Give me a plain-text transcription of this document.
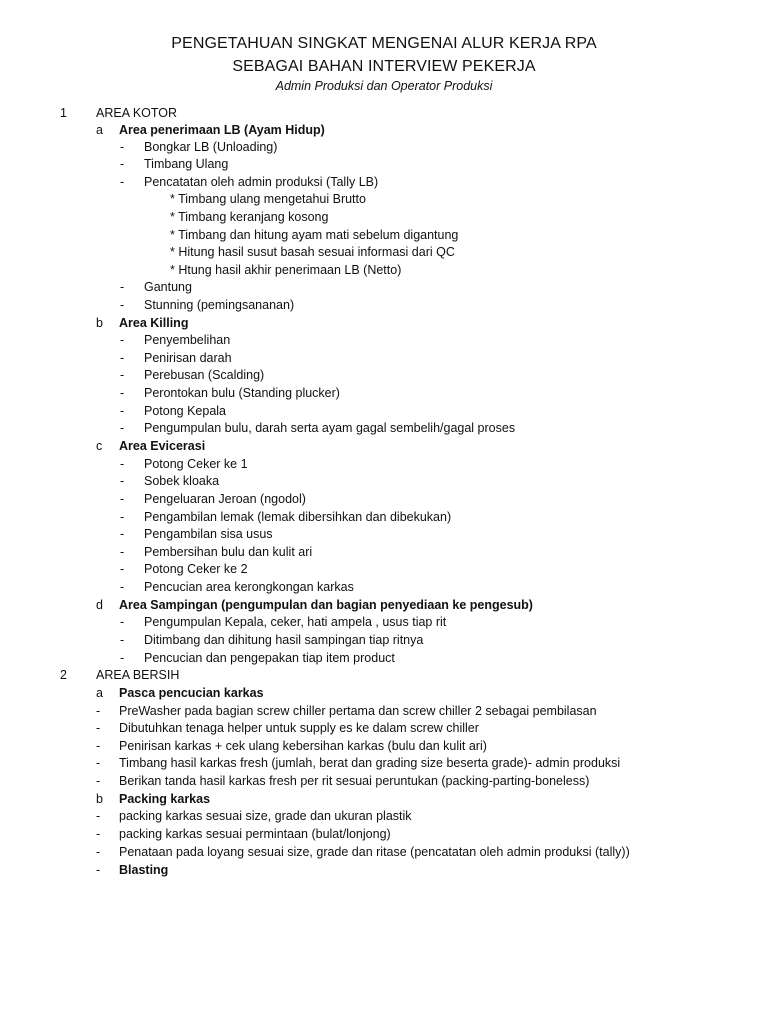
PENGETAHUAN SINGKAT MENGENAI ALUR KERJA RPA
SEBAGAI BAHAN INTERVIEW PEKERJA
Admin Produksi dan Operator Produksi
1 AREA KOTOR
a Area penerimaan LB (Ayam Hidup)
- Bongkar LB (Unloading)
- Timbang Ulang
- Pencatatan oleh admin produksi (Tally LB)
* Timbang ulang mengetahui Brutto
* Timbang keranjang kosong
* Timbang dan hitung ayam mati sebelum digantung
* Hitung hasil susut basah sesuai informasi dari QC
* Htung hasil akhir penerimaan LB (Netto)
- Gantung
- Stunning (pemingsananan)
b Area Killing
- Penyembelihan
- Penirisan darah
- Perebusan (Scalding)
- Perontokan bulu (Standing plucker)
- Potong Kepala
- Pengumpulan bulu, darah serta ayam gagal sembelih/gagal proses
c Area Evicerasi
- Potong Ceker ke 1
- Sobek kloaka
- Pengeluaran Jeroan (ngodol)
- Pengambilan lemak (lemak dibersihkan dan dibekukan)
- Pengambilan sisa usus
- Pembersihan bulu dan kulit ari
- Potong Ceker ke 2
- Pencucian area kerongkongan karkas
d Area Sampingan (pengumpulan dan bagian penyediaan ke pengesub)
- Pengumpulan Kepala, ceker, hati ampela , usus tiap rit
- Ditimbang dan dihitung hasil sampingan tiap ritnya
- Pencucian dan pengepakan tiap item product
2 AREA BERSIH
a Pasca pencucian karkas
- PreWasher pada bagian screw chiller pertama dan screw chiller 2 sebagai pembilasan
- Dibutuhkan tenaga helper untuk supply es ke dalam screw chiller
- Penirisan karkas + cek ulang kebersihan karkas (bulu dan kulit ari)
- Timbang hasil karkas fresh (jumlah, berat dan grading size beserta grade)- admin produksi
- Berikan tanda hasil karkas fresh per rit sesuai peruntukan (packing-parting-boneless)
b Packing karkas
- packing karkas sesuai size, grade dan ukuran plastik
- packing karkas sesuai permintaan (bulat/lonjong)
- Penataan pada loyang sesuai size, grade dan ritase (pencatatan oleh admin produksi (tally))
- Blasting
